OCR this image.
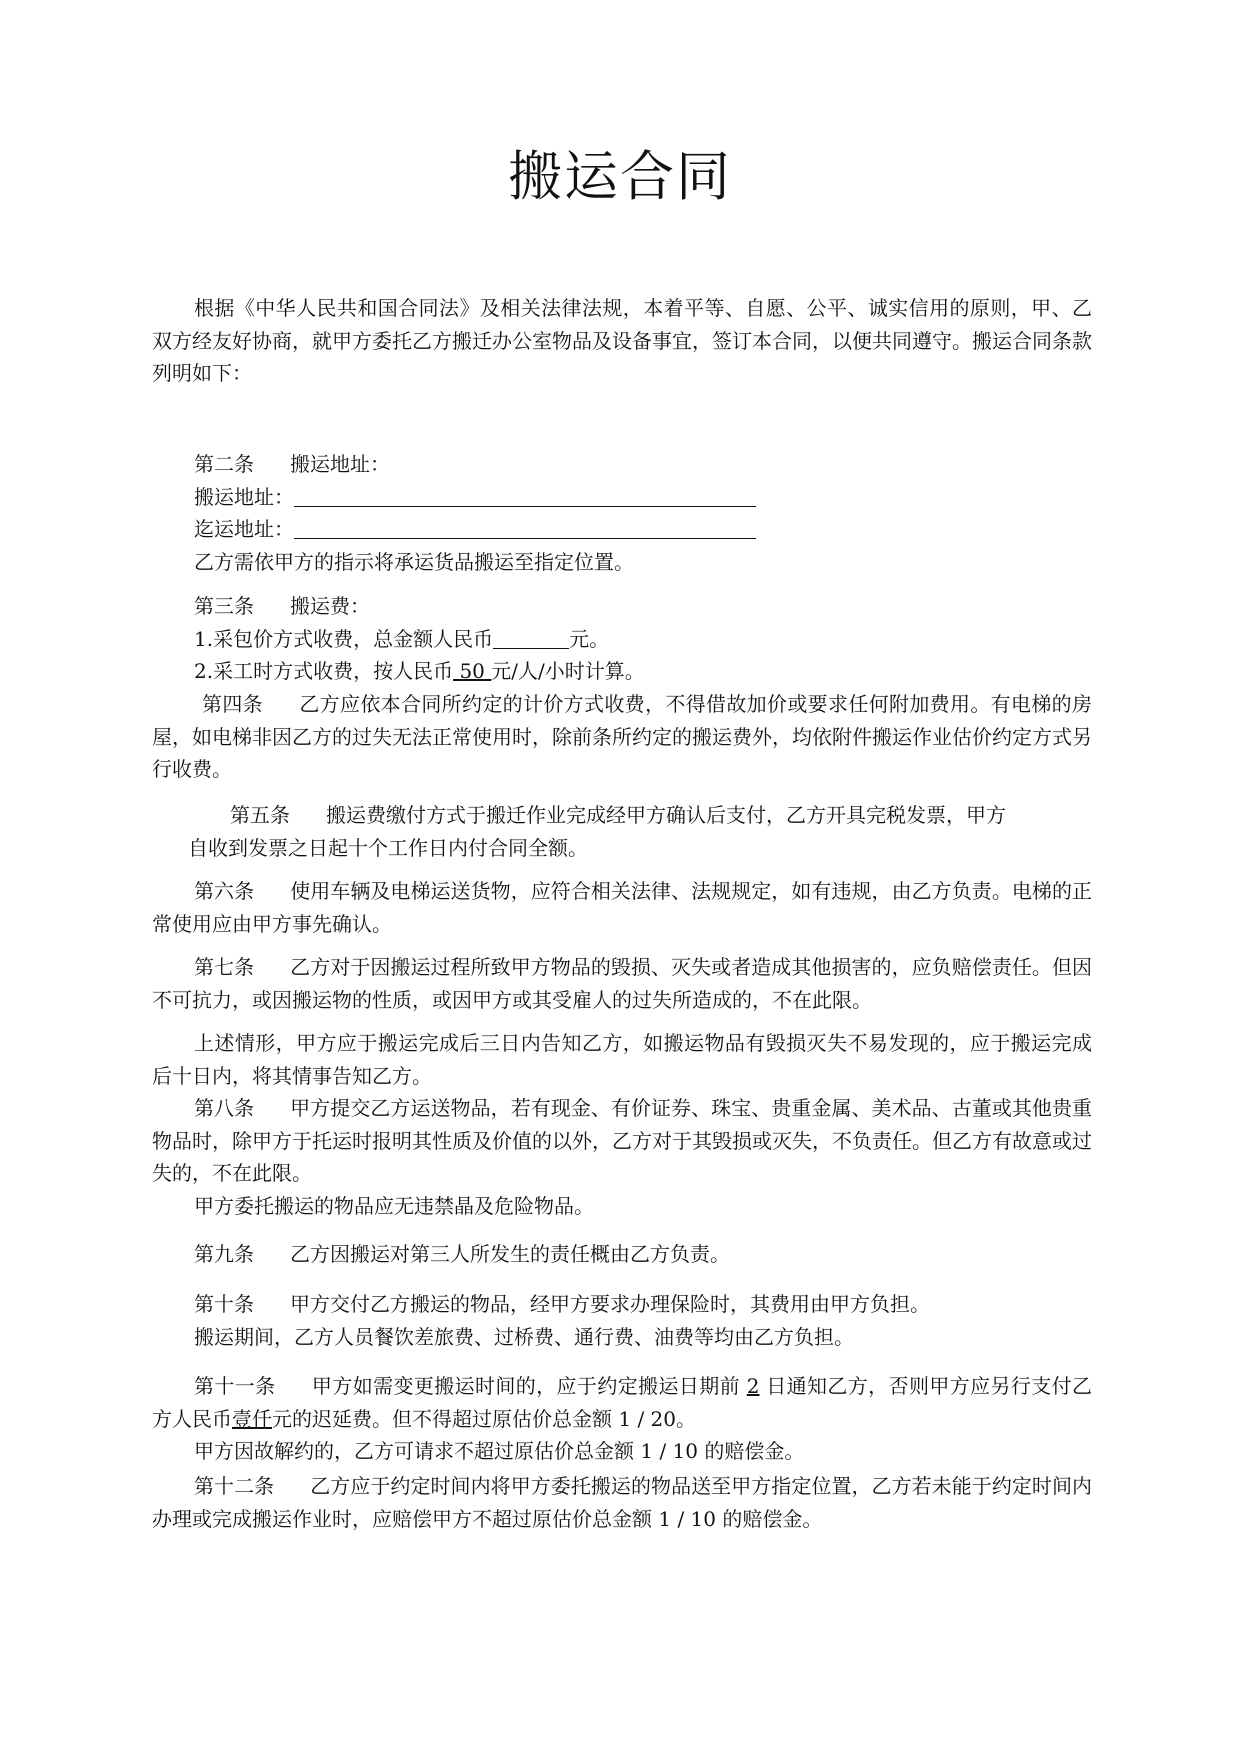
搬运合同

根据《中华人民共和国合同法》及相关法律法规，本着平等、自愿、公平、诚实信用的原则，甲、乙双方经友好协商，就甲方委托乙方搬迁办公室物品及设备事宜，签订本合同，以便共同遵守。搬运合同条款列明如下：

第二条 搬运地址：

搬运地址：

迄运地址：

乙方需依甲方的指示将承运货品搬运至指定位置。

第三条 搬运费：

1.采包价方式收费，总金额人民币	元。

2.采工时方式收费，按人民币 50 元/人/小时计算。

第四条 乙方应依本合同所约定的计价方式收费，不得借故加价或要求任何附加费用。有电梯的房屋，如电梯非因乙方的过失无法正常使用时，除前条所约定的搬运费外，均依附件搬运作业估价约定方式另行收费。

第五条 搬运费缴付方式于搬迁作业完成经甲方确认后支付，乙方开具完税发票，甲方

自收到发票之日起十个工作日内付合同全额。

第六条 使用车辆及电梯运送货物，应符合相关法律、法规规定，如有违规，由乙方负责。电梯的正常使用应由甲方事先确认。

第七条 乙方对于因搬运过程所致甲方物品的毁损、灭失或者造成其他损害的，应负赔偿责任。但因不可抗力，或因搬运物的性质，或因甲方或其受雇人的过失所造成的，不在此限。

上述情形，甲方应于搬运完成后三日内告知乙方，如搬运物品有毁损灭失不易发现的，应于搬运完成后十日内，将其情事告知乙方。

第八条 甲方提交乙方运送物品，若有现金、有价证券、珠宝、贵重金属、美术品、古董或其他贵重物品时，除甲方于托运时报明其性质及价值的以外，乙方对于其毁损或灭失，不负责任。但乙方有故意或过失的，不在此限。

甲方委托搬运的物品应无违禁晶及危险物品。

第九条 乙方因搬运对第三人所发生的责任概由乙方负责。

第十条 甲方交付乙方搬运的物品，经甲方要求办理保险时，其费用由甲方负担。

搬运期间，乙方人员餐饮差旅费、过桥费、通行费、油费等均由乙方负担。

第十一条 甲方如需变更搬运时间的，应于约定搬运日期前 2 日通知乙方，否则甲方应另行支付乙方人民币壹仟元的迟延费。但不得超过原估价总金额 1 / 20。

甲方因故解约的，乙方可请求不超过原估价总金额 1 / 10 的赔偿金。

第十二条 乙方应于约定时间内将甲方委托搬运的物品送至甲方指定位置，乙方若未能于约定时间内办理或完成搬运作业时，应赔偿甲方不超过原估价总金额 1 / 10 的赔偿金。
